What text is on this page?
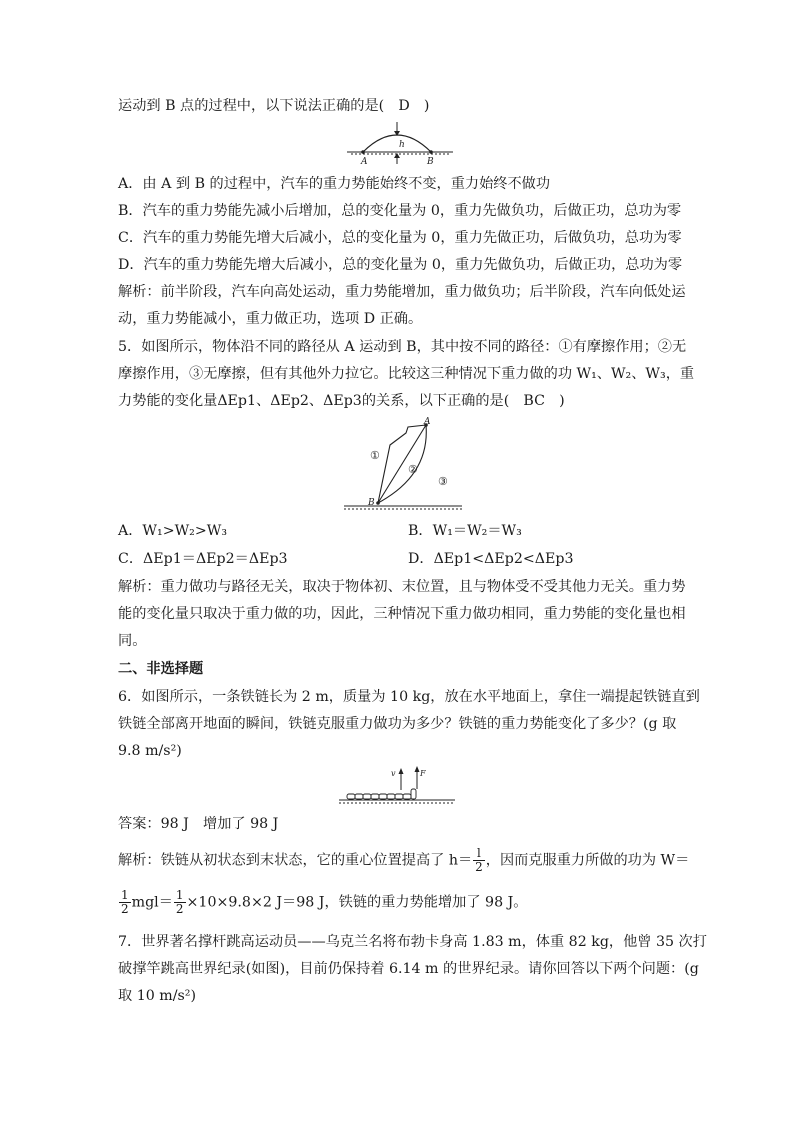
运动到 B 点的过程中，以下说法正确的是(　D　)
h
A	B
A．由 A 到 B 的过程中，汽车的重力势能始终不变，重力始终不做功
B．汽车的重力势能先减小后增加，总的变化量为 0，重力先做负功，后做正功，总功为零
C．汽车的重力势能先增大后减小，总的变化量为 0，重力先做正功，后做负功，总功为零
D．汽车的重力势能先增大后减小，总的变化量为 0，重力先做负功，后做正功，总功为零
解析：前半阶段，汽车向高处运动，重力势能增加，重力做负功；后半阶段，汽车向低处运
动，重力势能减小，重力做正功，选项 D 正确。
5．如图所示，物体沿不同的路径从 A 运动到 B，其中按不同的路径：①有摩擦作用；②无
摩擦作用，③无摩擦，但有其他外力拉它。比较这三种情况下重力做的功 W₁、W₂、W₃，重
力势能的变化量ΔEp1、ΔEp2、ΔEp3的关系，以下正确的是(　BC　)
A
B
①
②
③
A．W₁>W₂>W₃	B．W₁＝W₂＝W₃
C．ΔEp1＝ΔEp2＝ΔEp3	D．ΔEp1<ΔEp2<ΔEp3
解析：重力做功与路径无关，取决于物体初、末位置，且与物体受不受其他力无关。重力势
能的变化量只取决于重力做的功，因此，三种情况下重力做功相同，重力势能的变化量也相
同。
二、非选择题
6．如图所示，一条铁链长为 2 m，质量为 10 kg，放在水平地面上，拿住一端提起铁链直到
铁链全部离开地面的瞬间，铁链克服重力做功为多少？铁链的重力势能变化了多少？(g 取
9.8 m/s²)
v	F
答案：98 J　增加了 98 J
解析：铁链从初状态到末状态，它的重心位置提高了 $h= \frac{l}{2}$ ，因而克服重力所做的功为 W＝
$\frac{1}{2} mgl= \frac{1}{2} \times 10\times 9.8\times 2$ J＝98 J，铁链的重力势能增加了 98 J。
7．世界著名撑杆跳高运动员——乌克兰名将布勃卡身高 1.83 m，体重 82 kg，他曾 35 次打
破撑竿跳高世界纪录(如图)，目前仍保持着 6.14 m 的世界纪录。请你回答以下两个问题：(g
取 10 m/s²)
